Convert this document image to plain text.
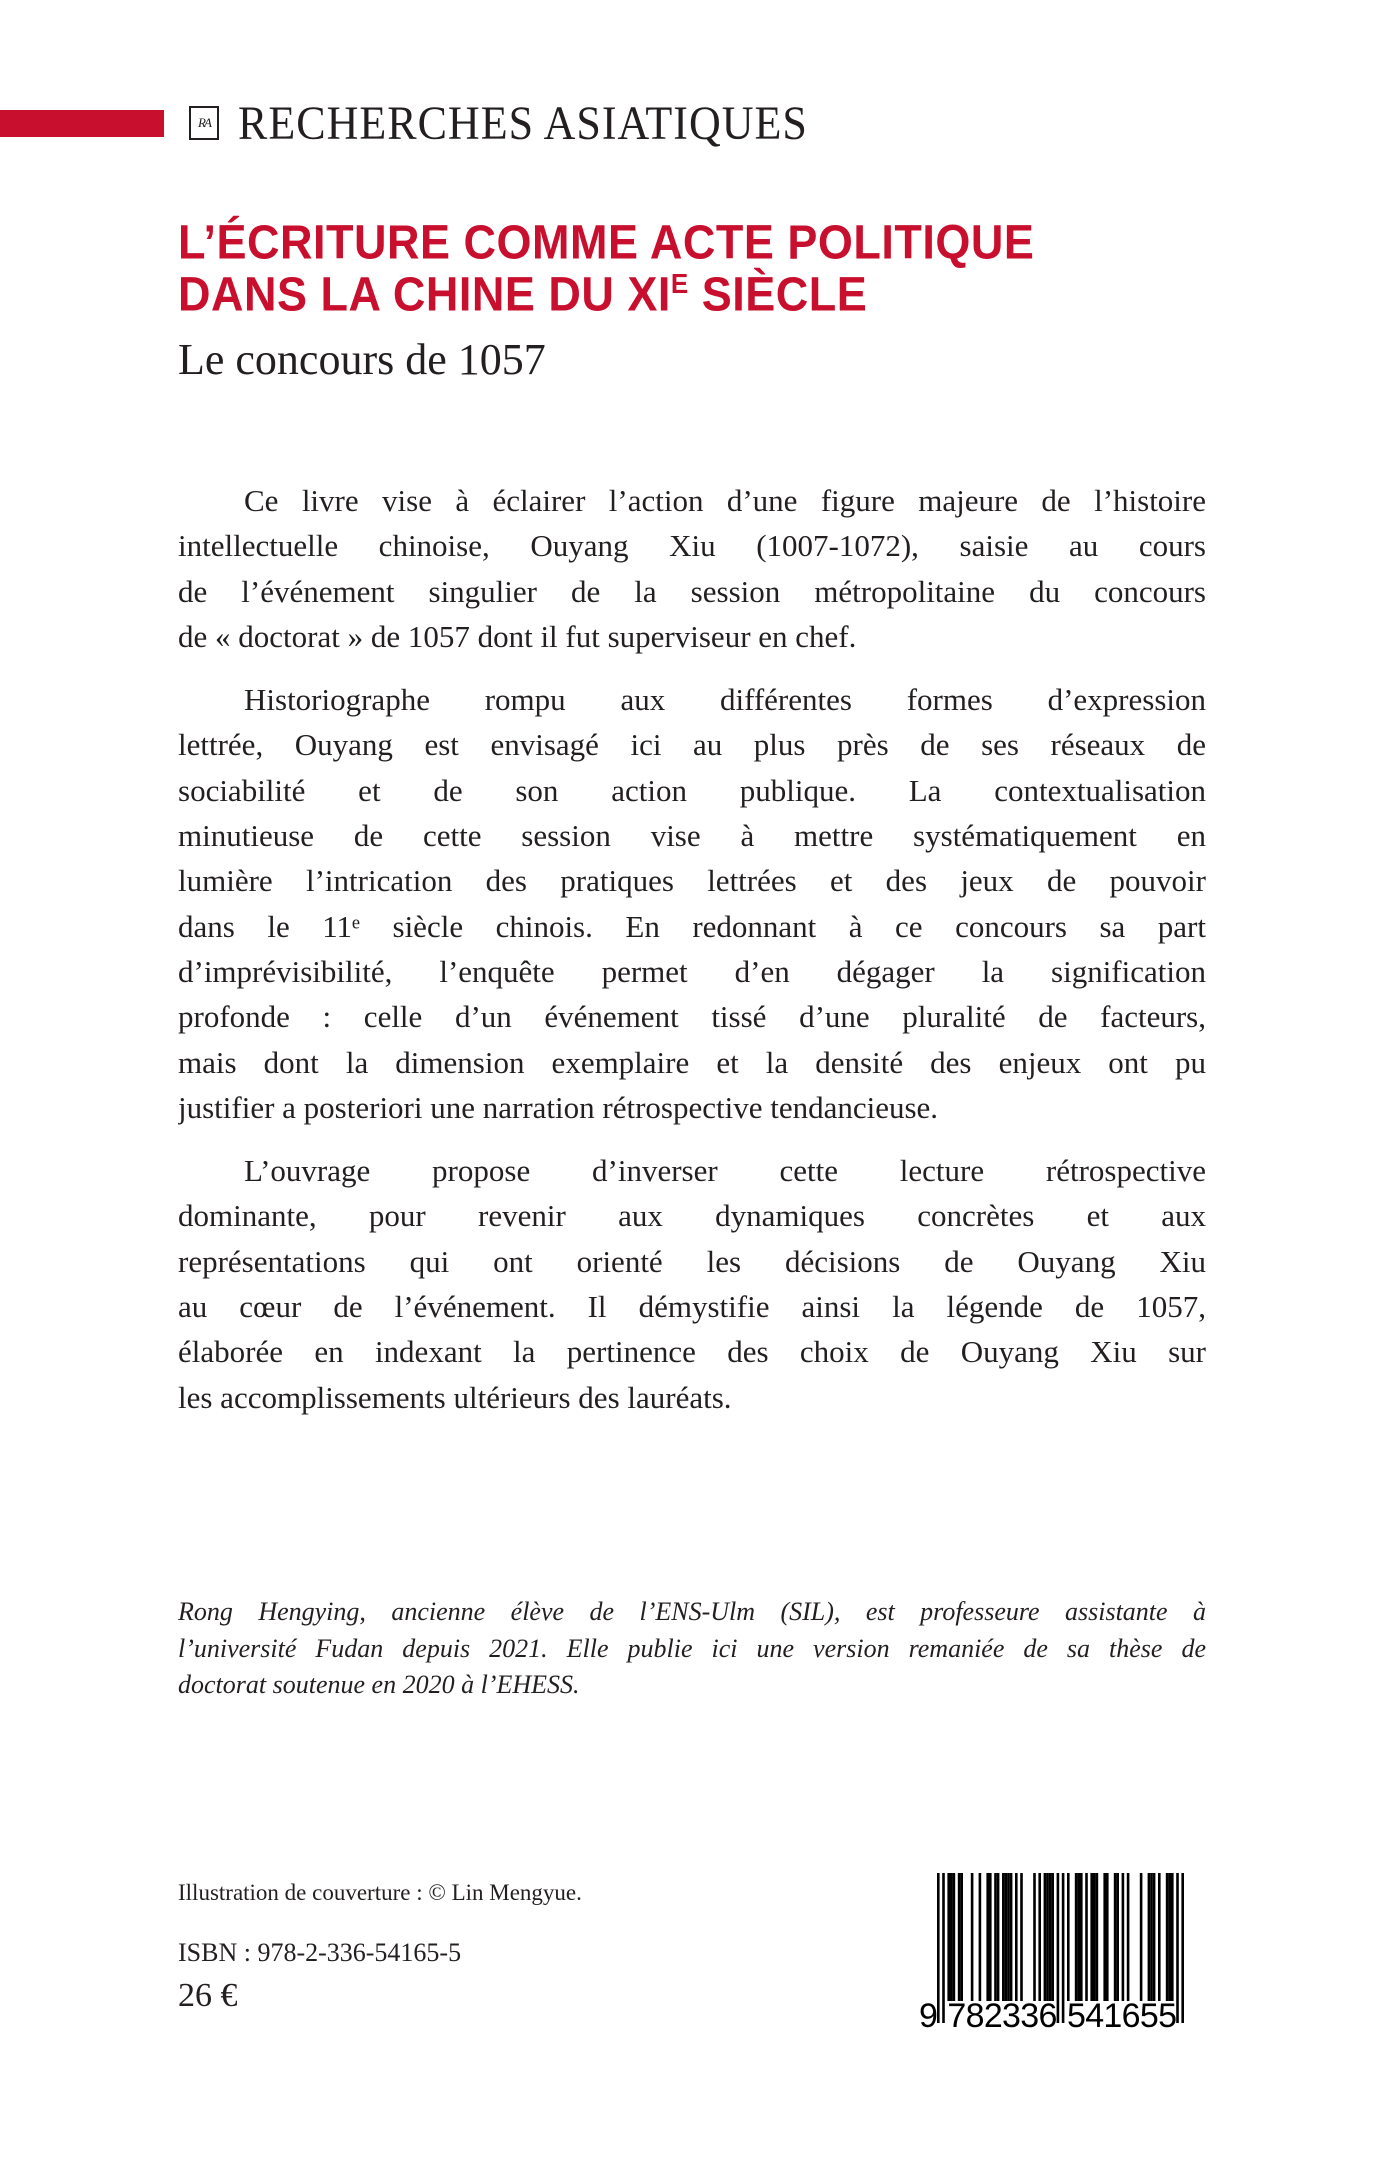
RA RECHERCHES ASIATIQUES
L’ÉCRITURE COMME ACTE POLITIQUE
DANS LA CHINE DU $XI^E$ SIÈCLE
Le concours de 1057
Ce livre vise à éclairer l’action d’une figure majeure de l’histoire
intellectuelle chinoise, Ouyang Xiu (1007-1072), saisie au cours
de l’événement singulier de la session métropolitaine du concours
de « doctorat » de 1057 dont il fut superviseur en chef.
Historiographe rompu aux différentes formes d’expression
lettrée, Ouyang est envisagé ici au plus près de ses réseaux de
sociabilité et de son action publique. La contextualisation
minutieuse de cette session vise à mettre systématiquement en
lumière l’intrication des pratiques lettrées et des jeux de pouvoir
dans le 11ᵉ siècle chinois. En redonnant à ce concours sa part
d’imprévisibilité, l’enquête permet d’en dégager la signification
profonde : celle d’un événement tissé d’une pluralité de facteurs,
mais dont la dimension exemplaire et la densité des enjeux ont pu
justifier a posteriori une narration rétrospective tendancieuse.
L’ouvrage propose d’inverser cette lecture rétrospective
dominante, pour revenir aux dynamiques concrètes et aux
représentations qui ont orienté les décisions de Ouyang Xiu
au cœur de l’événement. Il démystifie ainsi la légende de 1057,
élaborée en indexant la pertinence des choix de Ouyang Xiu sur
les accomplissements ultérieurs des lauréats.
Rong Hengying, ancienne élève de l’ENS-Ulm (SIL), est professeure assistante à
l’université Fudan depuis 2021. Elle publie ici une version remaniée de sa thèse de
doctorat soutenue en 2020 à l’EHESS.
Illustration de couverture : © Lin Mengyue.
ISBN : 978-2-336-54165-5
26 €
9 782336 541655
